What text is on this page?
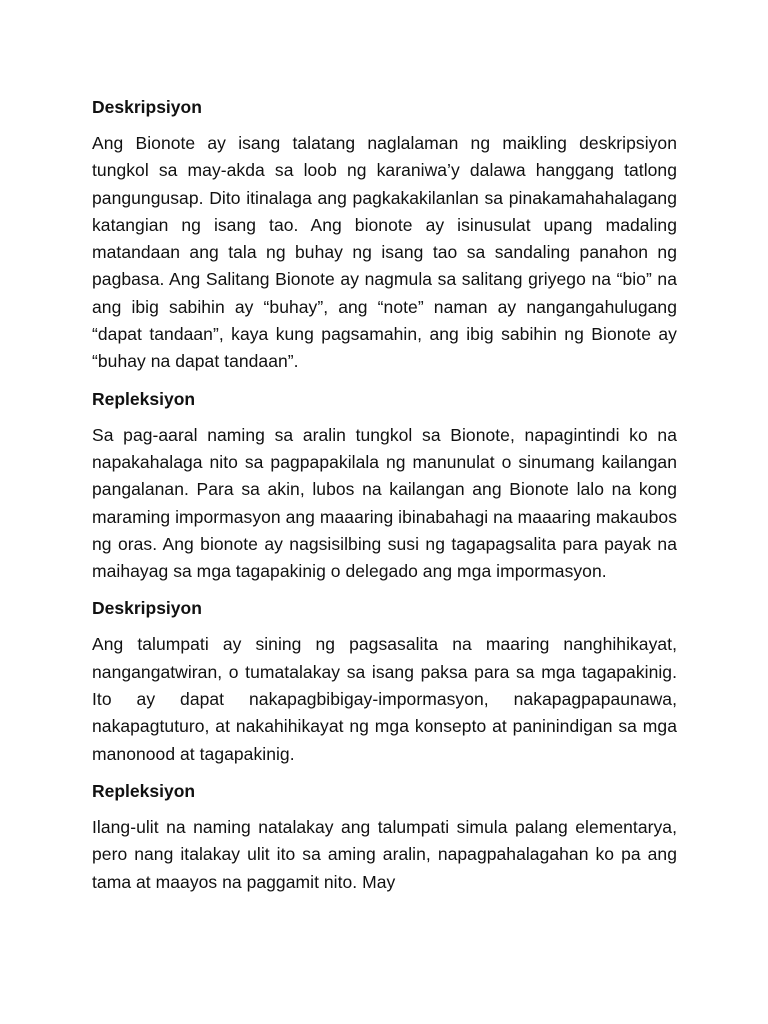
Deskripsiyon

Ang Bionote ay isang talatang naglalaman ng maikling deskripsiyon tungkol sa may-akda sa loob ng karaniwa’y dalawa hanggang tatlong pangungusap. Dito itinalaga ang pagkakakilanlan sa pinakamahahalagang katangian ng isang tao. Ang bionote ay isinusulat upang madaling matandaan ang tala ng buhay ng isang tao sa sandaling panahon ng pagbasa. Ang Salitang Bionote ay nagmula sa salitang griyego na “bio” na ang ibig sabihin ay “buhay”, ang “note” naman ay nangangahulugang “dapat tandaan”, kaya kung pagsamahin, ang ibig sabihin ng Bionote ay “buhay na dapat tandaan”.

Repleksiyon

Sa pag-aaral naming sa aralin tungkol sa Bionote, napagintindi ko na napakahalaga nito sa pagpapakilala ng manunulat o sinumang kailangan pangalanan. Para sa akin, lubos na kailangan ang Bionote lalo na kong maraming impormasyon ang maaaring ibinabahagi na maaaring makaubos ng oras. Ang bionote ay nagsisilbing susi ng tagapagsalita para payak na maihayag sa mga tagapakinig o delegado ang mga impormasyon.

Deskripsiyon

Ang talumpati ay sining ng pagsasalita na maaring nanghihikayat, nangangatwiran, o tumatalakay sa isang paksa para sa mga tagapakinig. Ito ay dapat nakapagbibigay-impormasyon, nakapagpapaunawa, nakapagtuturo, at nakahihikayat ng mga konsepto at paninindigan sa mga manonood at tagapakinig.

Repleksiyon

Ilang-ulit na naming natalakay ang talumpati simula palang elementarya, pero nang italakay ulit ito sa aming aralin, napagpahalagahan ko pa ang tama at maayos na paggamit nito. May
